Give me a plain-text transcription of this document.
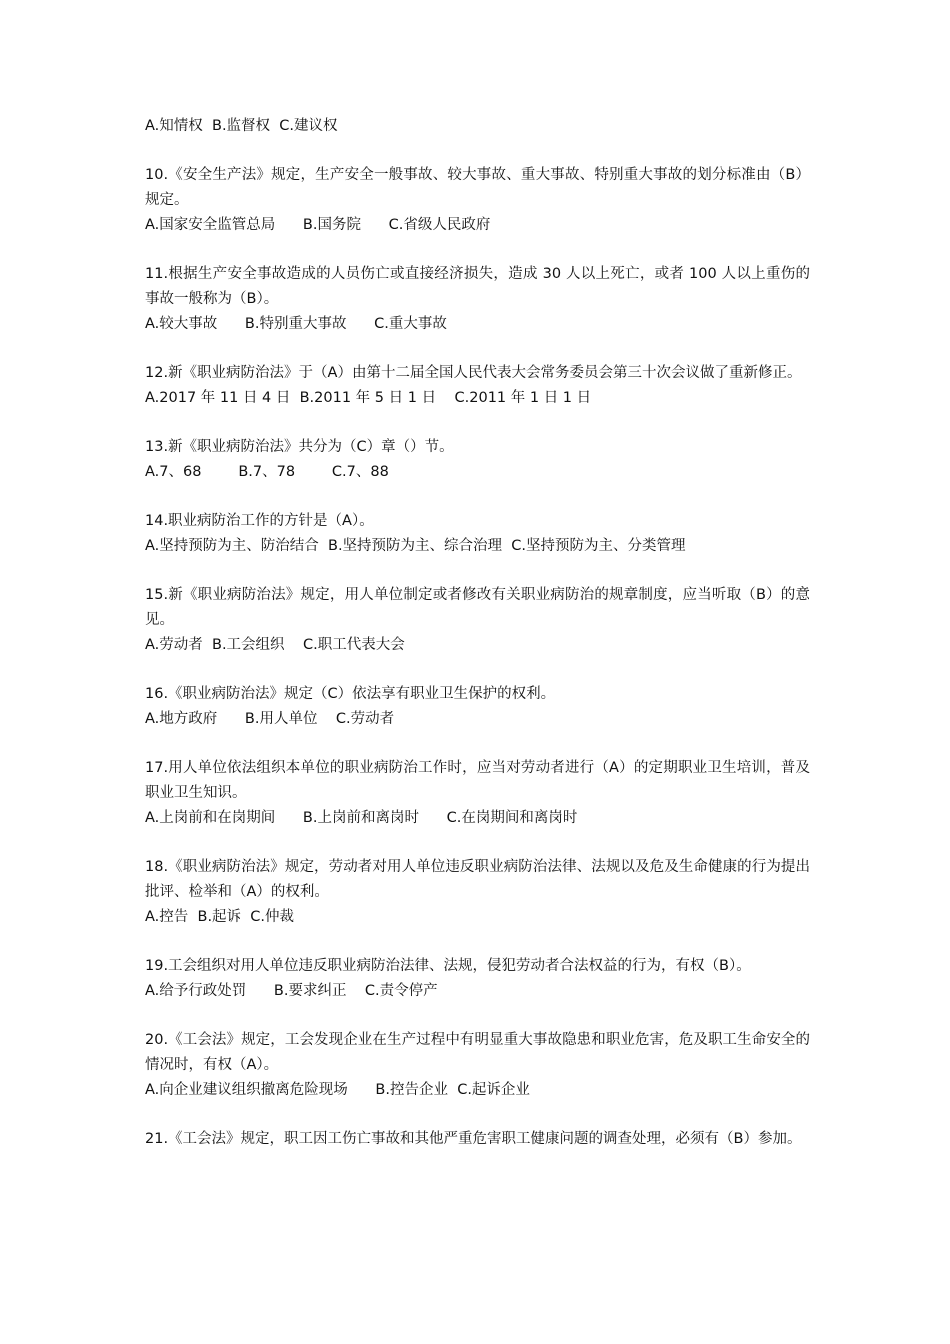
A.知情权  B.监督权  C.建议权

10.《安全生产法》规定，生产安全一般事故、较大事故、重大事故、特别重大事故的划分标准由（B）规定。

A.国家安全监管总局      B.国务院      C.省级人民政府

11.根据生产安全事故造成的人员伤亡或直接经济损失，造成 30 人以上死亡，或者 100 人以上重伤的事故一般称为（B）。

A.较大事故      B.特别重大事故      C.重大事故

12.新《职业病防治法》于（A）由第十二届全国人民代表大会常务委员会第三十次会议做了重新修正。

A.2017 年 11 日 4 日  B.2011 年 5 日 1 日    C.2011 年 1 日 1 日

13.新《职业病防治法》共分为（C）章（）节。

A.7、68        B.7、78        C.7、88

14.职业病防治工作的方针是（A）。

A.坚持预防为主、防治结合  B.坚持预防为主、综合治理  C.坚持预防为主、分类管理

15.新《职业病防治法》规定，用人单位制定或者修改有关职业病防治的规章制度，应当听取（B）的意见。

A.劳动者  B.工会组织    C.职工代表大会

16.《职业病防治法》规定（C）依法享有职业卫生保护的权利。

A.地方政府      B.用人单位    C.劳动者

17.用人单位依法组织本单位的职业病防治工作时，应当对劳动者进行（A）的定期职业卫生培训，普及职业卫生知识。

A.上岗前和在岗期间      B.上岗前和离岗时      C.在岗期间和离岗时

18.《职业病防治法》规定，劳动者对用人单位违反职业病防治法律、法规以及危及生命健康的行为提出批评、检举和（A）的权利。

A.控告  B.起诉  C.仲裁

19.工会组织对用人单位违反职业病防治法律、法规，侵犯劳动者合法权益的行为，有权（B）。

A.给予行政处罚      B.要求纠正    C.责令停产

20.《工会法》规定，工会发现企业在生产过程中有明显重大事故隐患和职业危害，危及职工生命安全的情况时，有权（A）。

A.向企业建议组织撤离危险现场      B.控告企业  C.起诉企业

21.《工会法》规定，职工因工伤亡事故和其他严重危害职工健康问题的调查处理，必须有（B）参加。
